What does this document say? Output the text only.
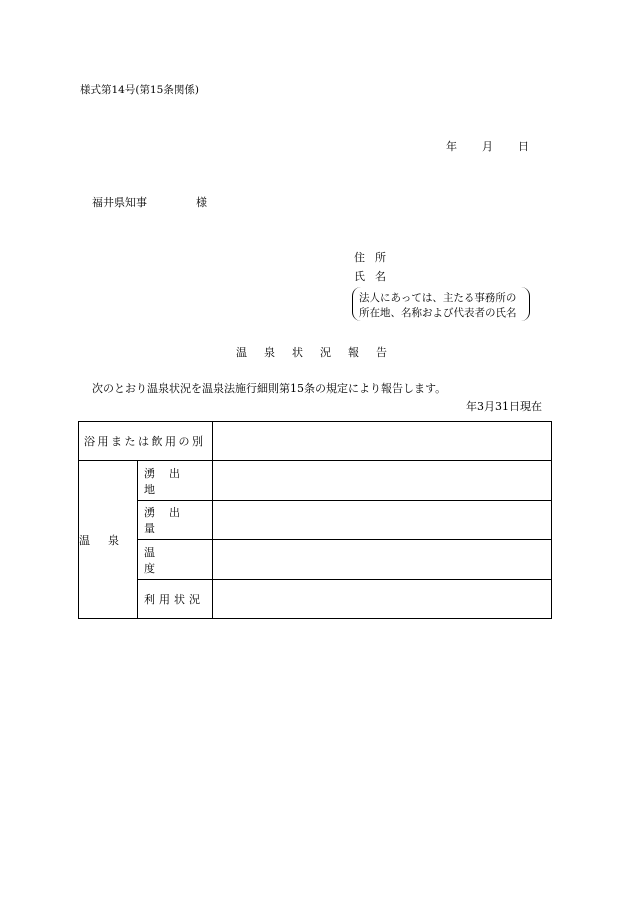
様式第14号(第15条関係)
年 月 日
福井県知事	様
住所
氏名
法人にあっては、主たる事務所の
所在地、名称および代表者の氏名
温泉状況報告
次のとおり温泉状況を温泉法施行細則第15条の規定により報告します。
年3月31日現在
浴用または飲用の別		
温泉	湧出地	
	湧出量	
	温度	
	利用状況	
